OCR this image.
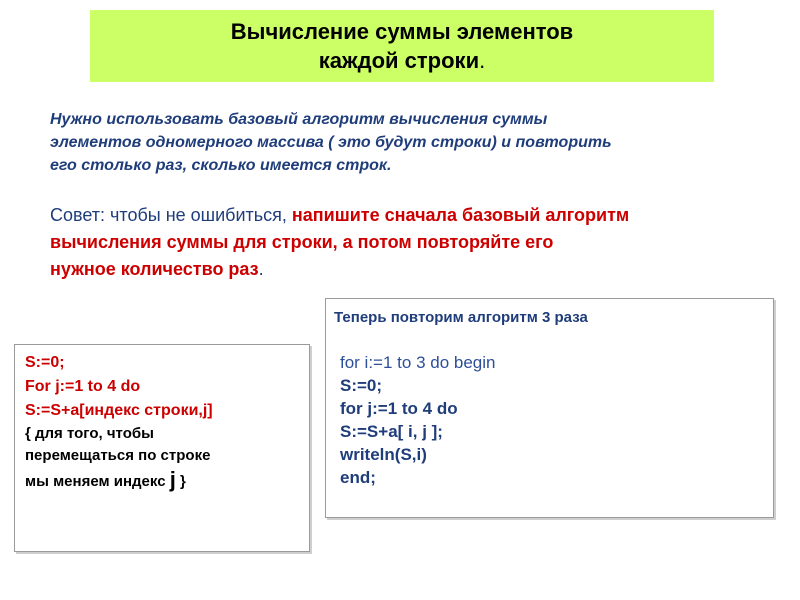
Вычисление суммы элементов
каждой строки.
Нужно использовать базовый алгоритм вычисления суммы
элементов одномерного массива ( это будут строки) и повторить
его столько раз, сколько имеется строк.
Совет: чтобы не ошибиться, напишите сначала базовый алгоритм
вычисления суммы для строки, а потом повторяйте его
нужное количество раз.
S:=0;
For j:=1 to 4 do
S:=S+a[индекс строки,j]
{ для того, чтобы
перемещаться по строке
мы меняем индекс j }
Теперь повторим алгоритм 3 раза
for i:=1 to 3 do begin
S:=0;
for j:=1 to 4 do
S:=S+a[ i, j ];
writeln(S,i)
end;
